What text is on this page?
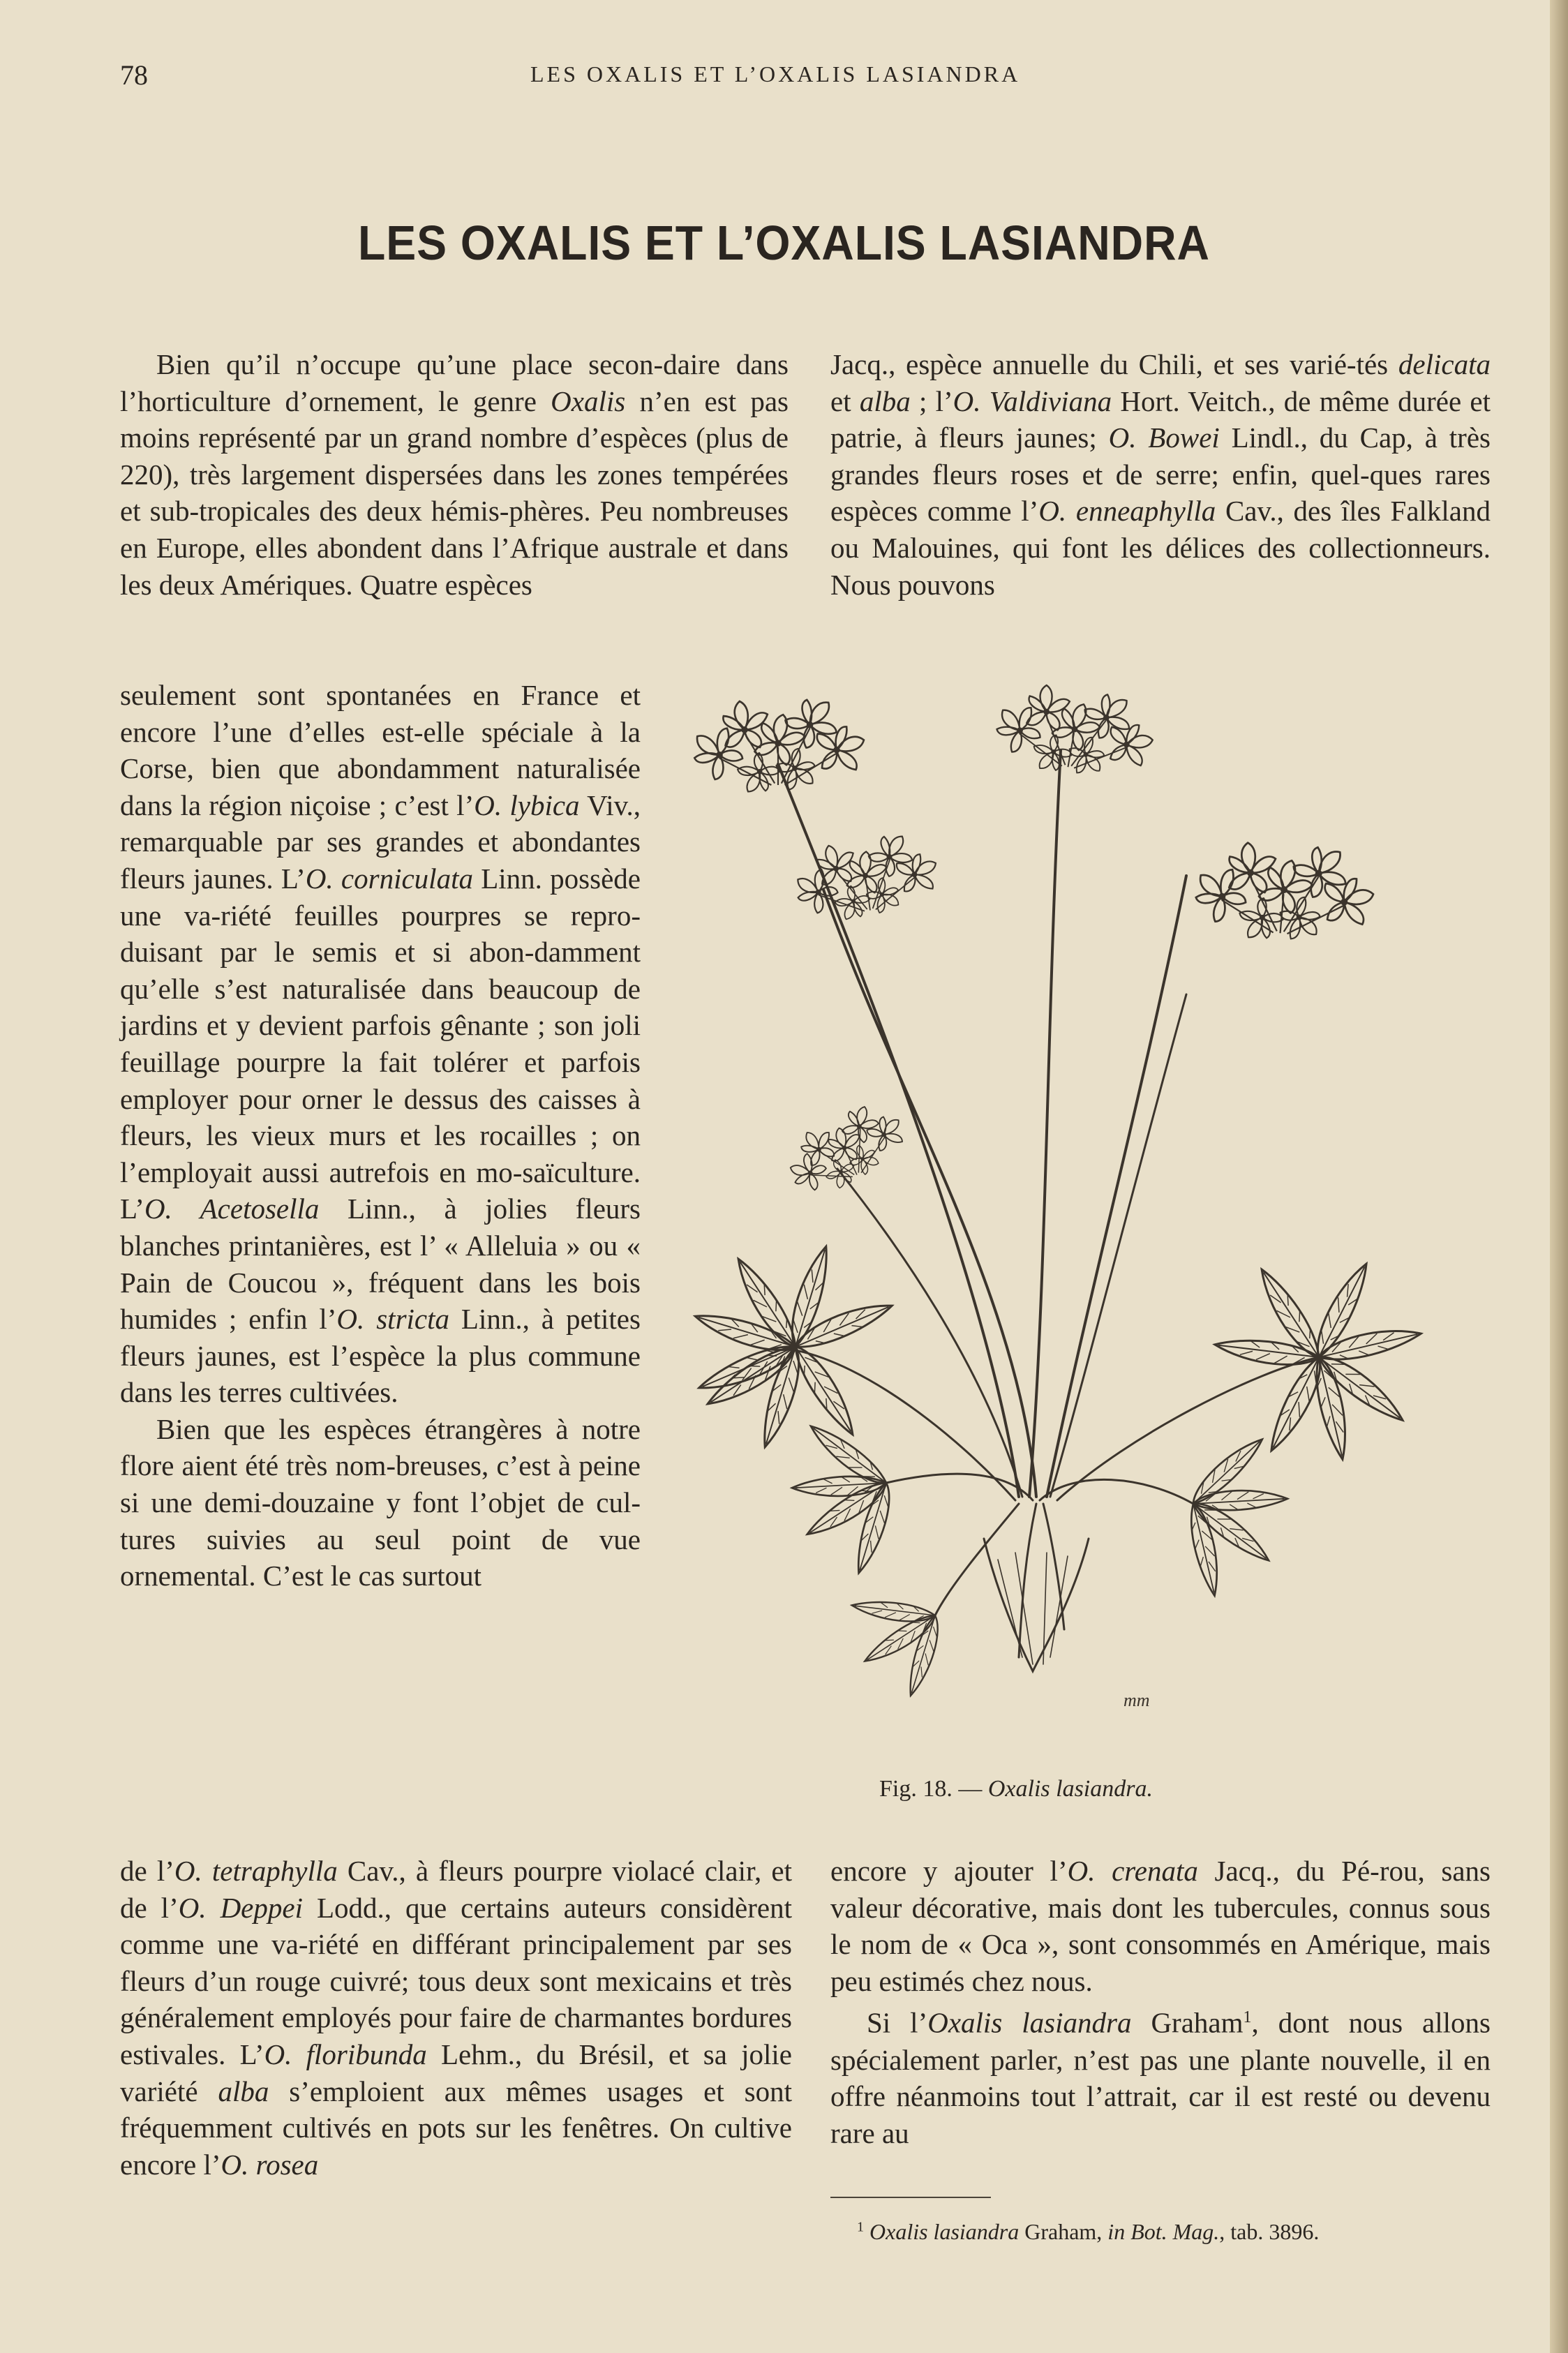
78	LES OXALIS ET L’OXALIS LASIANDRA
LES OXALIS ET L’OXALIS LASIANDRA

Bien qu’il n’occupe qu’une place secon-daire dans l’horticulture d’ornement, le genre Oxalis n’en est pas moins représenté par un grand nombre d’espèces (plus de 220), très largement dispersées dans les zones tempérées et sub-tropicales des deux hémis-phères. Peu nombreuses en Europe, elles abondent dans l’Afrique australe et dans les deux Amériques. Quatre espèces

seulement sont spontanées en France et encore l’une d’elles est-elle spéciale à la Corse, bien que abondamment naturalisée dans la région niçoise ; c’est l’O. lybica Viv., remarquable par ses grandes et abondantes fleurs jaunes. L’O. corniculata Linn. possède une va-riété feuilles pourpres se repro-duisant par le semis et si abon-damment qu’elle s’est naturalisée dans beaucoup de jardins et y devient parfois gênante ; son joli feuillage pourpre la fait tolérer et parfois employer pour orner le dessus des caisses à fleurs, les vieux murs et les rocailles ; on l’employait aussi autrefois en mo-saïculture. L’O. Acetosella Linn., à jolies fleurs blanches printanières, est l’ « Alleluia » ou « Pain de Coucou », fréquent dans les bois humides ; enfin l’O. stricta Linn., à petites fleurs jaunes, est l’espèce la plus commune dans les terres cultivées.

Bien que les espèces étrangères à notre flore aient été très nom-breuses, c’est à peine si une demi-douzaine y font l’objet de cul-tures suivies au seul point de vue ornemental. C’est le cas surtout

de l’O. tetraphylla Cav., à fleurs pourpre violacé clair, et de l’O. Deppei Lodd., que certains auteurs considèrent comme une va-riété en différant principalement par ses fleurs d’un rouge cuivré; tous deux sont mexicains et très généralement employés pour faire de charmantes bordures estivales. L’O. floribunda Lehm., du Brésil, et sa jolie variété alba s’emploient aux mêmes usages et sont fréquemment cultivés en pots sur les fenêtres. On cultive encore l’O. rosea

Jacq., espèce annuelle du Chili, et ses varié-tés delicata et alba ; l’O. Valdiviana Hort. Veitch., de même durée et patrie, à fleurs jaunes; O. Bowei Lindl., du Cap, à très grandes fleurs roses et de serre; enfin, quel-ques rares espèces comme l’O. enneaphylla Cav., des îles Falkland ou Malouines, qui font les délices des collectionneurs. Nous pouvons

encore y ajouter l’O. crenata Jacq., du Pé-rou, sans valeur décorative, mais dont les tubercules, connus sous le nom de « Oca », sont consommés en Amérique, mais peu estimés chez nous.

Si l’Oxalis lasiandra Graham$^1$, dont nous allons spécialement parler, n’est pas une plante nouvelle, il en offre néanmoins tout l’attrait, car il est resté ou devenu rare au

mm
Fig. 18. — Oxalis lasiandra.
$^1$ Oxalis lasiandra Graham, in Bot. Mag., tab. 3896.
